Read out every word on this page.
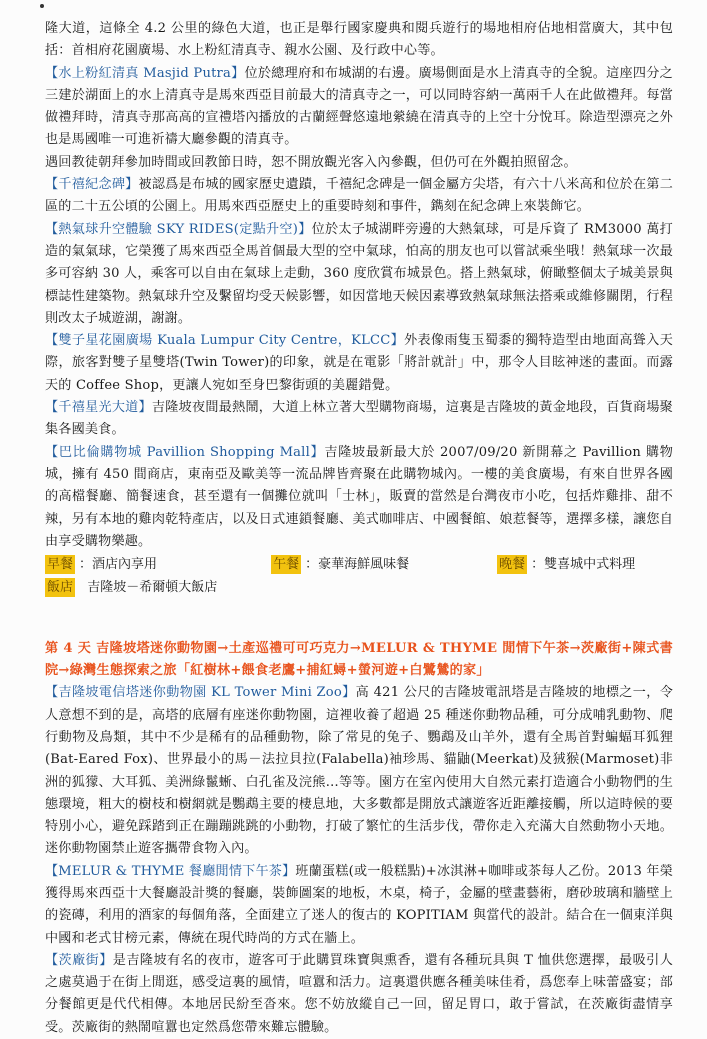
隆大道，這條全 4.2 公里的綠色大道，也正是舉行國家慶典和閱兵遊行的場地相府佔地相當廣大，其中包括：首相府花園廣場、水上粉紅清真寺、親水公園、及行政中心等。

【水上粉紅清真 Masjid Putra】位於總理府和布城湖的右邊。廣場側面是水上清真寺的全貌。這座四分之三建於湖面上的水上清真寺是馬來西亞目前最大的清真寺之一，可以同時容納一萬兩千人在此做禮拜。每當做禮拜時，清真寺那高高的宣禮塔內播放的古蘭經聲悠遠地縈繞在清真寺的上空十分悅耳。除造型漂亮之外也是馬國唯一可進祈禱大廳參觀的清真寺。

遇回教徒朝拜參加時間或回教節日時，恕不開放觀光客入內參觀，但仍可在外觀拍照留念。

【千禧紀念碑】被認爲是布城的國家歷史遺蹟，千禧紀念碑是一個金屬方尖塔，有六十八米高和位於在第二區的二十五公頃的公園上。用馬來西亞歷史上的重要時刻和事件，鐫刻在紀念碑上來裝飾它。

【熱氣球升空體驗 SKY RIDES(定點升空)】位於太子城湖畔旁邊的大熱氣球，可是斥資了 RM3000 萬打造的氣氣球，它榮獲了馬來西亞全馬首個最大型的空中氣球，怕高的朋友也可以嘗試乘坐哦！熱氣球一次最多可容納 30 人，乘客可以自由在氣球上走動，360 度欣賞布城景色。搭上熱氣球，俯瞰整個太子城美景與標誌性建築物。熱氣球升空及繫留均受天候影響，如因當地天候因素導致熱氣球無法搭乘或維修關閉，行程則改太子城遊湖，謝謝。

【雙子星花園廣場 Kuala Lumpur City Centre，KLCC】外表像雨隻玉蜀黍的獨特造型由地面高聳入天際，旅客對雙子星雙塔(Twin Tower)的印象，就是在電影「將計就計」中，那令人目眩神迷的畫面。而露天的 Coffee Shop，更讓人宛如至身巴黎街頭的美麗錯覺。

【千禧星光大道】吉隆坡夜間最熱鬧，大道上林立著大型購物商場，這裏是吉隆坡的黃金地段，百貨商場聚集各國美食。

【巴比倫購物城 Pavillion Shopping Mall】吉隆坡最新最大於 2007/09/20 新開幕之 Pavillion 購物城，擁有 450 間商店，東南亞及歐美等一流品牌皆齊聚在此購物城內。一樓的美食廣場，有來自世界各國的高檔餐廳、簡餐速食，甚至還有一個攤位就叫「士林」，販賣的當然是台灣夜市小吃，包括炸雞排、甜不辣，另有本地的雞肉乾特產店，以及日式連鎖餐廳、美式咖啡店、中國餐館、娘惹餐等，選擇多樣，讓您自由享受購物樂趣。

早餐 ：酒店內享用	午餐 ：豪華海鮮風味餐	晚餐 ：雙喜城中式料理
飯店 吉隆坡－希爾頓大飯店

第 4 天 吉隆坡塔迷你動物園→土產巡禮可可巧克力→MELUR & THYME 閒情下午茶→茨廠街+陳式書院→綠灣生態探索之旅「紅樹林+餵食老鷹+捕紅蟳+螢河遊+白鷺鷥的家」

【吉隆坡電信塔迷你動物園 KL Tower Mini Zoo】高 421 公尺的吉隆坡電訊塔是吉隆坡的地標之一，令人意想不到的是，高塔的底層有座迷你動物園，這裡收養了超過 25 種迷你動物品種，可分成哺乳動物、爬行動物及鳥類，其中不少是稀有的品種動物，除了常見的兔子、鸚鵡及山羊外，還有全馬首對蝙蝠耳狐狸 (Bat-Eared Fox)、世界最小的馬－法拉貝拉(Falabella)袖珍馬、貓鼬(Meerkat)及狨猴(Marmoset)非洲的狐獴、大耳狐、美洲綠鬣蜥、白孔雀及浣熊…等等。園方在室內使用大自然元素打造適合小動物們的生態環境，粗大的樹枝和樹網就是鸚鵡主要的棲息地，大多數都是開放式讓遊客近距離接觸，所以這時候的要特別小心，避免踩踏到正在蹦蹦跳跳的小動物，打破了繁忙的生活步伐，帶你走入充滿大自然動物小天地。迷你動物園禁止遊客攜帶食物入內。

【MELUR & THYME 餐廳閒情下午茶】班蘭蛋糕(或一般糕點)+冰淇淋+咖啡或茶每人乙份。2013 年榮獲得馬來西亞十大餐廳設計獎的餐廳，裝飾圖案的地板，木桌，椅子，金屬的壁畫藝術，磨砂玻璃和牆壁上的瓷磚，利用的酒家的每個角落，全面建立了迷人的復古的 KOPITIAM 與當代的設計。結合在一個東洋與中國和老式甘榜元素，傳統在現代時尚的方式在牆上。

【茨廠街】是吉隆坡有名的夜市，遊客可于此購買珠寶與熏香，還有各種玩具與 T 恤供您選擇，最吸引人之處莫過于在街上閒逛，感受這裏的風情，喧囂和活力。這裏還供應各種美味佳肴，爲您奉上味蕾盛宴；部分餐館更是代代相傳。本地居民紛至沓來。您不妨放縱自己一回，留足胃口，敢于嘗試，在茨廠街盡情享受。茨廠街的熱鬧喧囂也定然爲您帶來難忘體驗。
